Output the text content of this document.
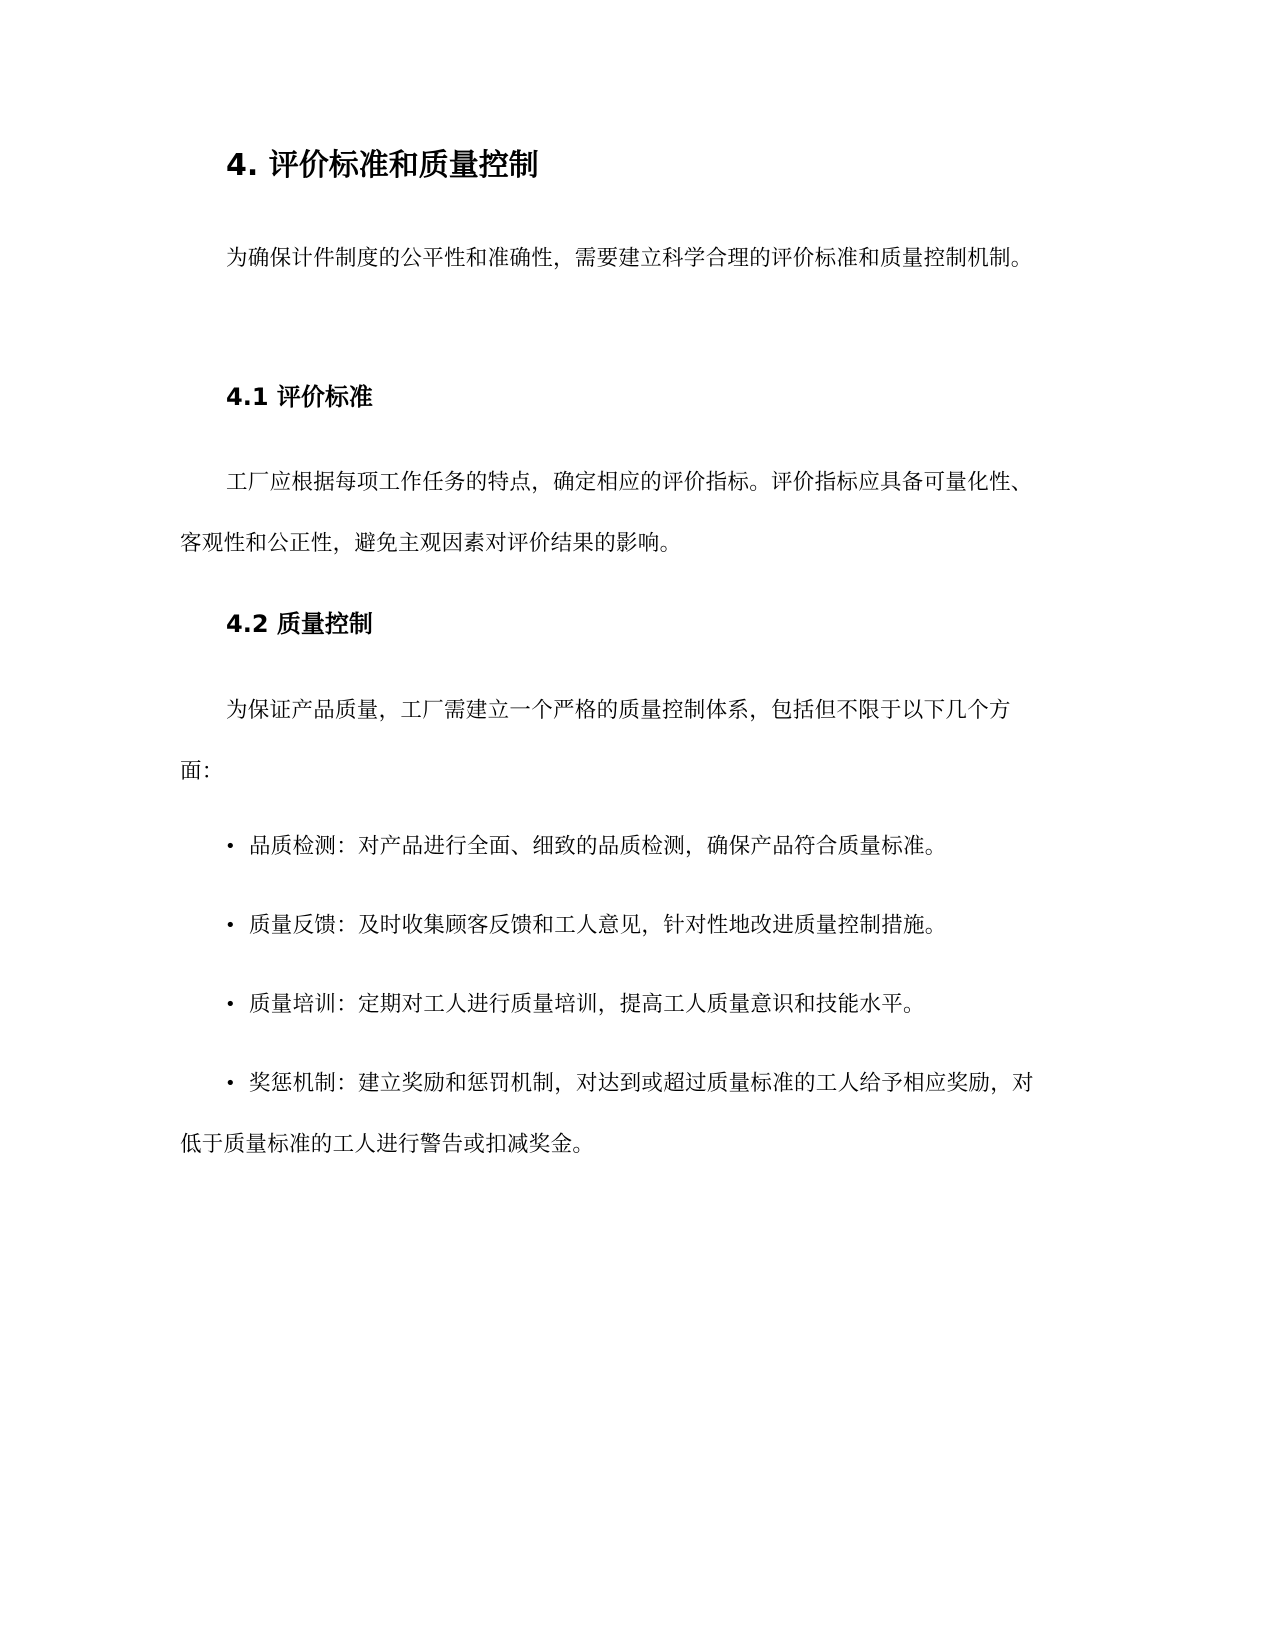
4. 评价标准和质量控制

为确保计件制度的公平性和准确性，需要建立科学合理的评价标准和质量控制机制。

4.1 评价标准

工厂应根据每项工作任务的特点，确定相应的评价指标。评价指标应具备可量化性、客观性和公正性，避免主观因素对评价结果的影响。

4.2 质量控制

为保证产品质量，工厂需建立一个严格的质量控制体系，包括但不限于以下几个方面：

• 品质检测：对产品进行全面、细致的品质检测，确保产品符合质量标准。

• 质量反馈：及时收集顾客反馈和工人意见，针对性地改进质量控制措施。

• 质量培训：定期对工人进行质量培训，提高工人质量意识和技能水平。

• 奖惩机制：建立奖励和惩罚机制，对达到或超过质量标准的工人给予相应奖励，对低于质量标准的工人进行警告或扣减奖金。
